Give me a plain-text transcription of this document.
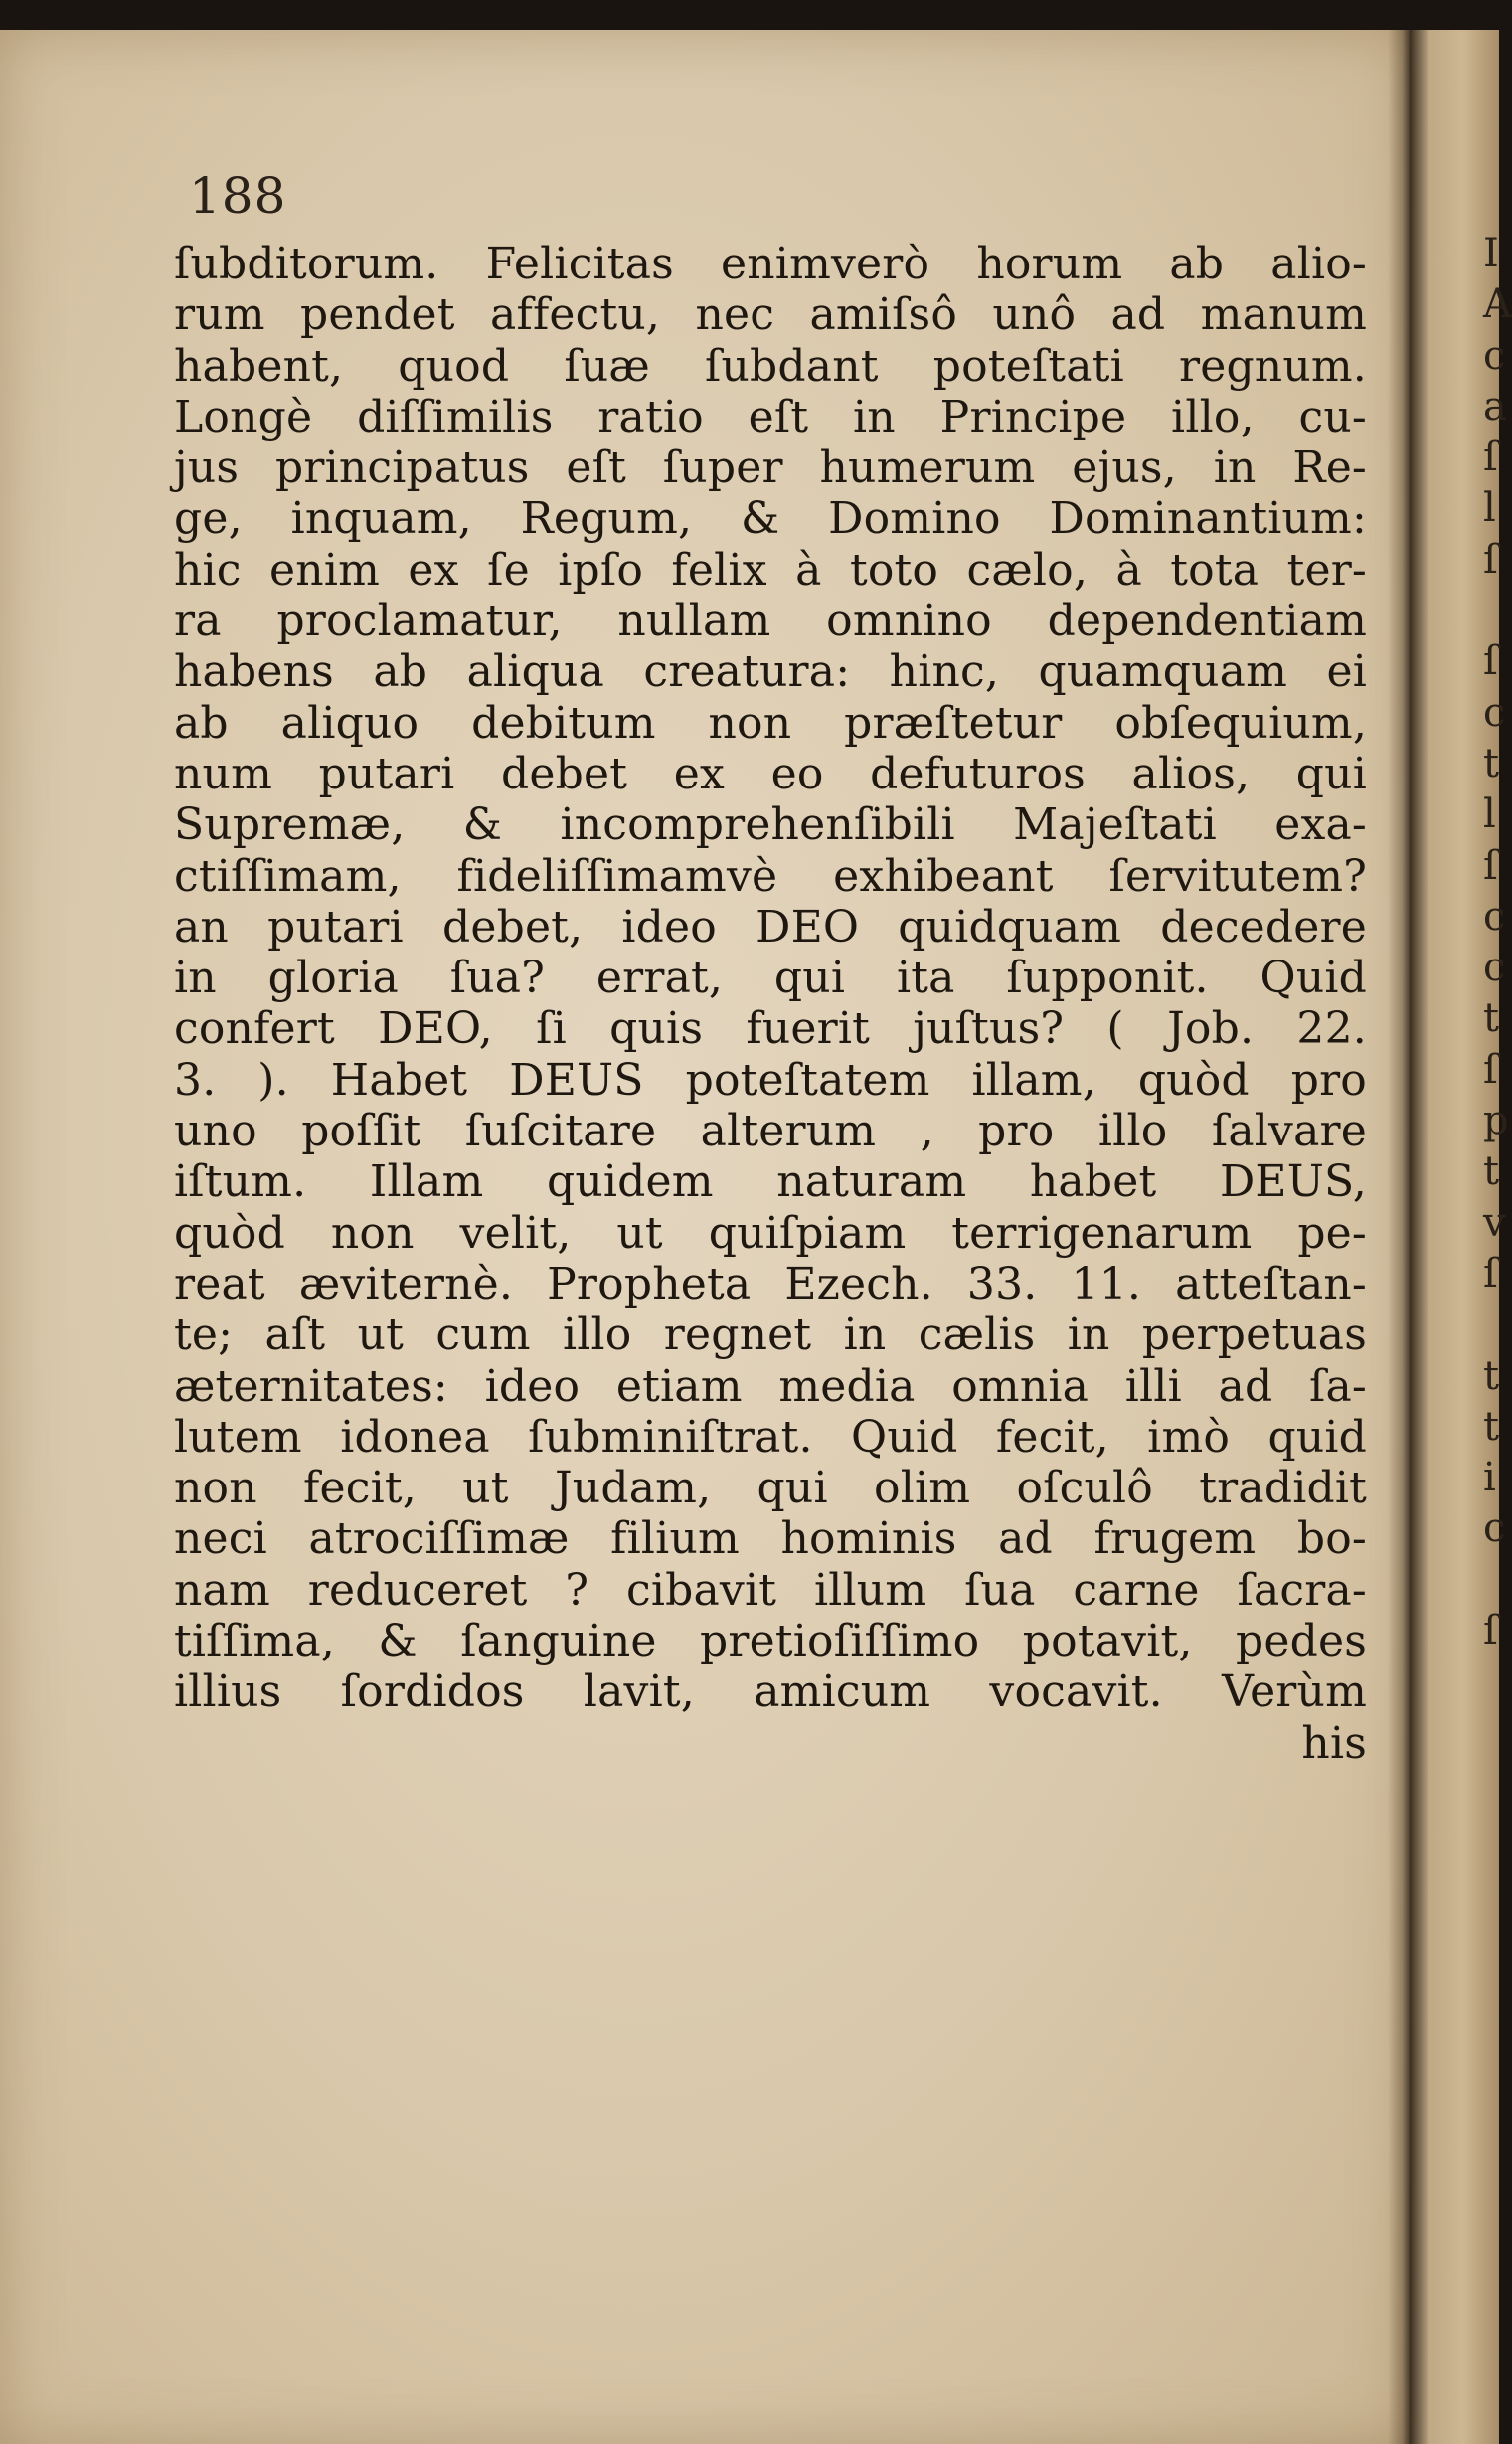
188
ſubditorum. Felicitas enimverò horum ab alio-
rum pendet affectu, nec amiſsô unô ad manum
habent, quod ſuæ ſubdant poteſtati regnum.
Longè diſſimilis ratio eſt in Principe illo, cu-
jus principatus eſt ſuper humerum ejus, in Re-
ge, inquam, Regum, & Domino Dominantium:
hic enim ex ſe ipſo felix à toto cælo, à tota ter-
ra proclamatur, nullam omnino dependentiam
habens ab aliqua creatura: hinc, quamquam ei
ab aliquo debitum non præſtetur obſequium,
num putari debet ex eo defuturos alios, qui
Supremæ, & incomprehenſibili Majeſtati exa-
ctiſſimam, fideliſſimamvè exhibeant ſervitutem?
an putari debet, ideo DEO quidquam decedere
in gloria ſua? errat, qui ita ſupponit. Quid
confert DEO, ſi quis fuerit juſtus? ( Job. 22.
3. ). Habet DEUS poteſtatem illam, quòd pro
uno poſſit ſuſcitare alterum , pro illo ſalvare
iſtum. Illam quidem naturam habet DEUS,
quòd non velit, ut quiſpiam terrigenarum pe-
reat æviternè. Propheta Ezech. 33. 11. atteſtan-
te; aſt ut cum illo regnet in cælis in perpetuas
æternitates: ideo etiam media omnia illi ad ſa-
lutem idonea ſubminiſtrat. Quid fecit, imò quid
non fecit, ut Judam, qui olim oſculô tradidit
neci atrociſſimæ filium hominis ad frugem bo-
nam reduceret ? cibavit illum ſua carne ſacra-
tiſſima, & ſanguine pretioſiſſimo potavit, pedes
illius ſordidos lavit, amicum vocavit. Verùm
his
I
A
c
a
ſ
l
ſ
ſ
c
t
l
ſ
c
c
t
ſ
p
t
v
ſ
t
t
i
c
ſ
